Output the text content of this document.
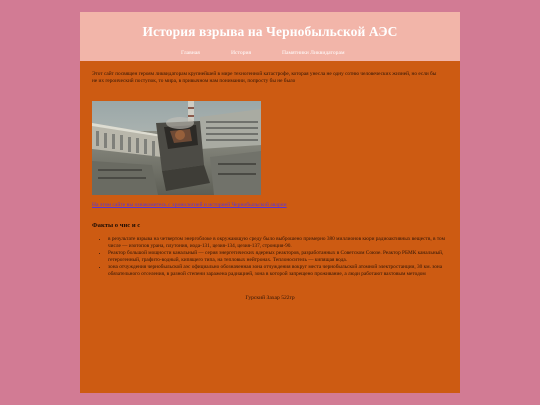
История взрыва на Чернобыльской АЭС
Главная	История	Памятники Ликвидаторам

Этот сайт посвящен героям ликвидаторам крупнейшей в мире техногенной катастрофе, которая унесла не одну сотню человеческих жизней, но если бы не их героический поступок, то мира, в привычном нам понимании, попросту бы не было

На этом сайте вы ознакомитесь с хронологией и историей Чернобыльской аварии
Факты о чнс и с
• в результате взрыва на четвертом энергоблоке в окружающую среду было выброшено примерно 380 миллионов кюри радиоактивных веществ, в том числе — изотопов урана, плутония, иода-131, цезия-134, цезия-137, стронция-90.
• Реактор большой мощности канальный — серия энергетических ядерных реакторов, разработанных в Советском Союзе. Реактор РБМК канальный, гетерогенный, графито-водный, кипящего типа, на тепловых нейтронах. Теплоноситель — кипящая вода.
• зона отчуждения чернобыльской аэс официально обозначенная зона отчуждения вокруг места чернобыльской атомной электростанции, 30 км. зона обязательного отселения, в разной степени заражена радиацией, зона в которой запрещено проживание, а люди работают вахтовым методом

Гурский Захар 522гр
